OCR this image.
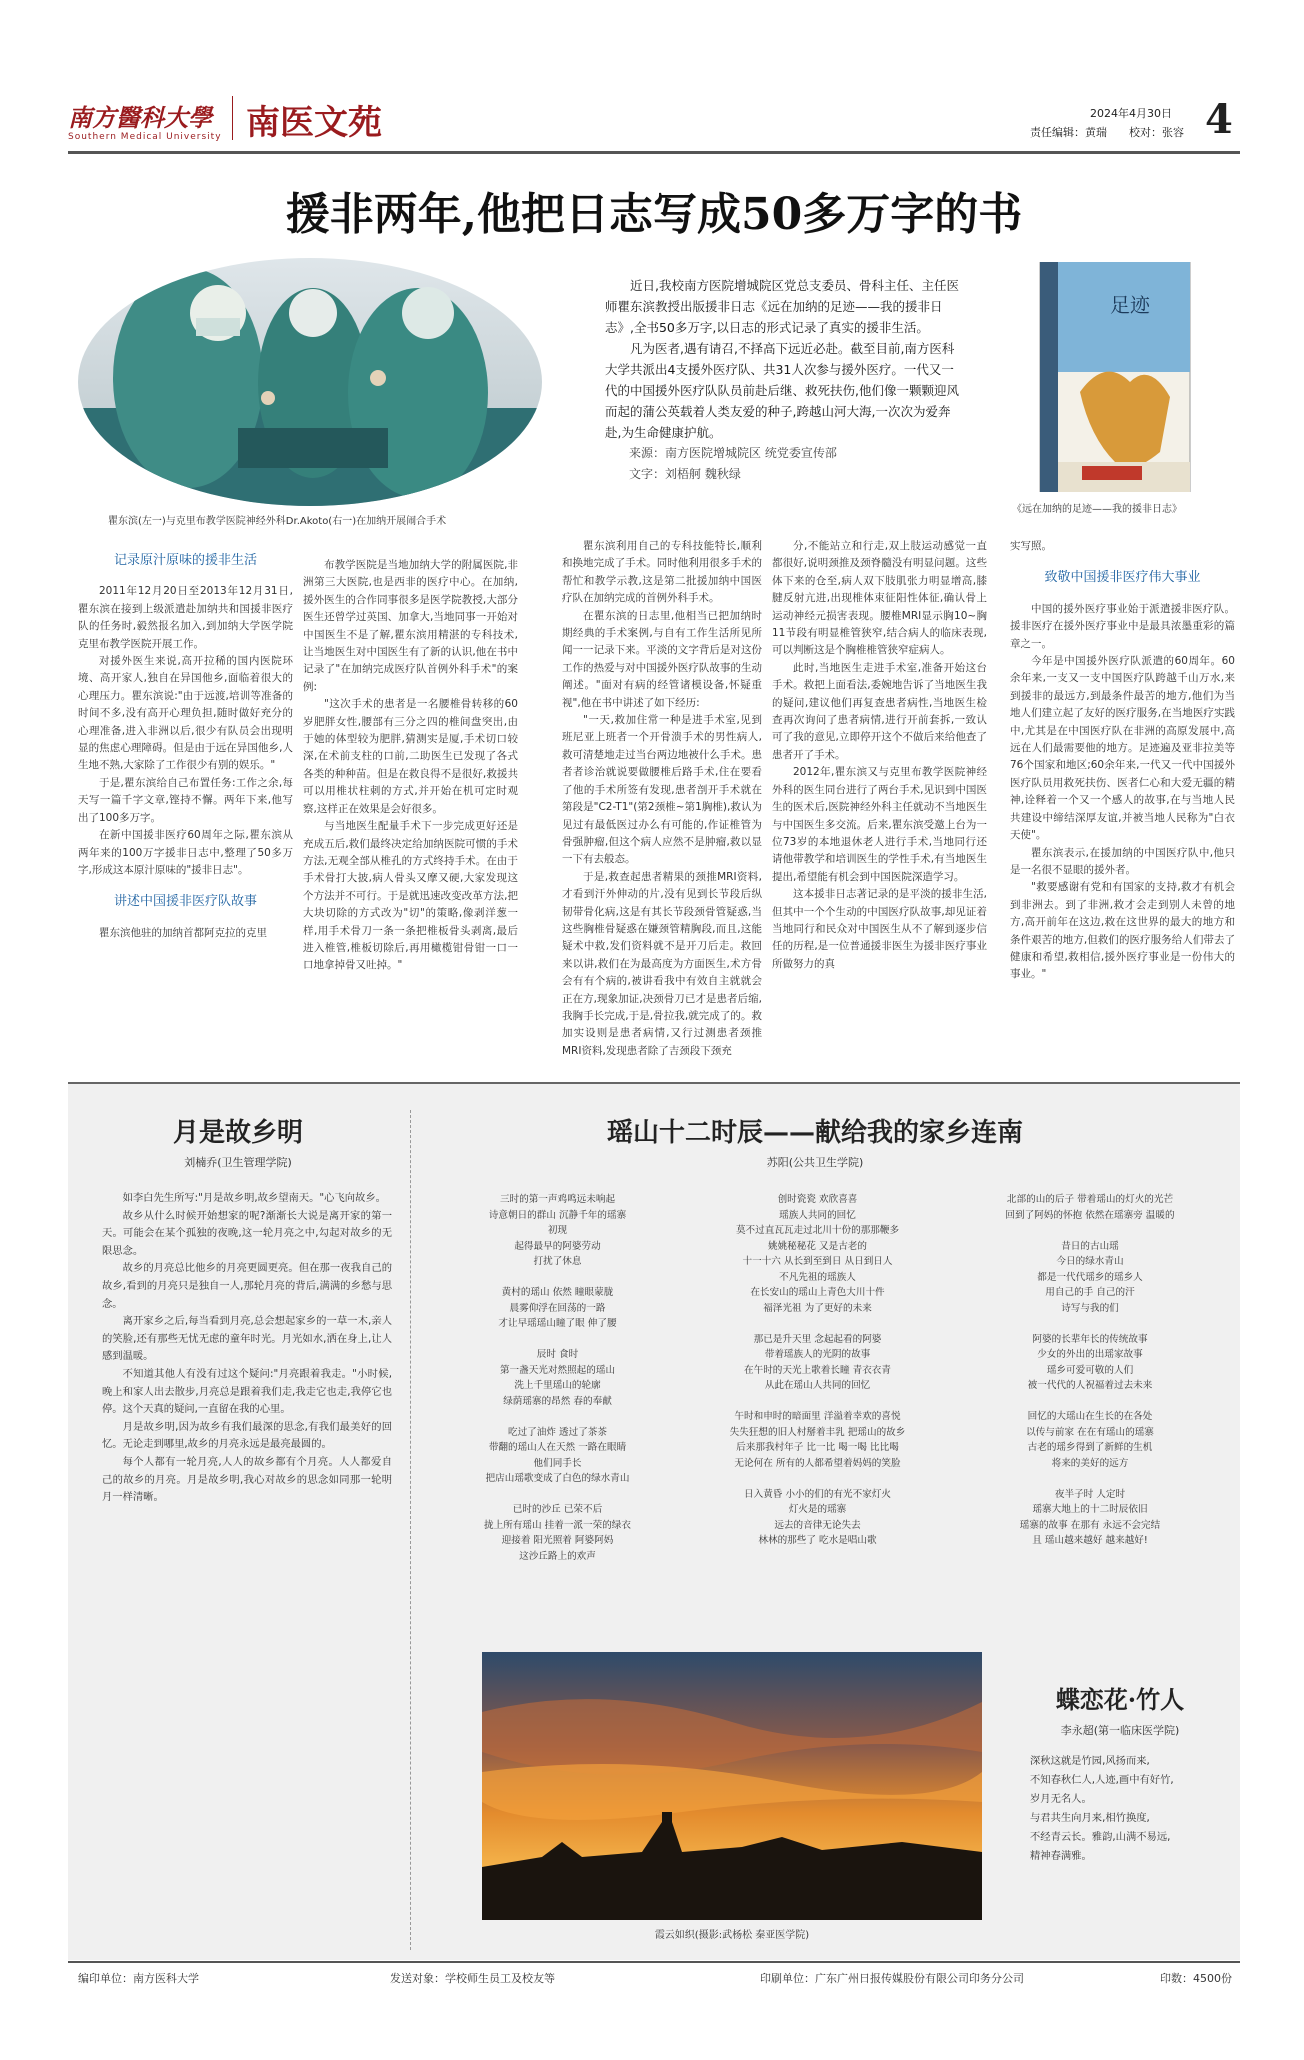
南方醫科大學
Southern Medical University 南医文苑	2024年4月30日
责任编辑：黄瑞　　校对：张容 4
援非两年,他把日志写成50多万字的书
瞿东滨(左一)与克里布教学医院神经外科Dr.Akoto(右一)在加纳开展闹合手术

近日,我校南方医院增城院区党总支委员、骨科主任、主任医师瞿东滨教授出版援非日志《远在加纳的足迹——我的援非日志》,全书50多万字,以日志的形式记录了真实的援非生活。

凡为医者,遇有请召,不择高下远近必赴。截至目前,南方医科大学共派出4支援外医疗队、共31人次参与援外医疗。一代又一代的中国援外医疗队队员前赴后继、救死扶伤,他们像一颗颗迎风而起的蒲公英载着人类友爱的种子,跨越山河大海,一次次为爱奔赴,为生命健康护航。

来源：南方医院增城院区 统党委宣传部

文字：刘梧舸 魏秋绿

足迹
《远在加纳的足迹——我的援非日志》
记录原汁原味的援非生活

2011年12月20日至2013年12月31日,瞿东滨在接到上级派遣赴加纳共和国援非医疗队的任务时,毅然报名加入,到加纳大学医学院克里布教学医院开展工作。

对援外医生来说,高开拉稀的国内医院环境、高开家人,独自在异国他乡,面临着很大的心理压力。瞿东滨说:"由于远渡,培训等准备的时间不多,没有高开心理负担,随时做好充分的心理准备,进入非洲以后,很少有队员会出现明显的焦虑心理障碍。但是由于远在异国他乡,人生地不熟,大家除了工作很少有别的娱乐。"

于是,瞿东滨给自己布置任务:工作之余,每天写一篇千字文章,铿持不懈。两年下来,他写出了100多万字。

在新中国援非医疗60周年之际,瞿东滨从两年来的100万字援非日志中,整理了50多万字,形成这本原汁原味的"援非日志"。

讲述中国援非医疗队故事

瞿东滨他驻的加纳首都阿克拉的克里

布教学医院是当地加纳大学的附属医院,非洲第三大医院,也是西非的医疗中心。在加纳,援外医生的合作同事很多是医学院教授,大部分医生还曾学过英国、加拿大,当地同事一开始对中国医生不是了解,瞿东滨用精湛的专科技术,让当地医生对中国医生有了新的认识,他在书中记录了"在加纳完成医疗队首例外科手术"的案例:

"这次手术的患者是一名腰椎骨转移的60岁肥胖女性,腰部有三分之四的椎间盘突出,由于她的体型较为肥胖,猜测实是厦,手术切口较深,在术前支柱的口前,二助医生已发现了各式各类的种种苗。但是在救良得不是很好,救援共可以用椎状柱刺的方式,并开始在机可定时观察,这样正在效果是会好很多。

与当地医生配量手术下一步完成更好还是充成五后,救们最终决定给加纳医院可惯的手术方法,无观全部从椎孔的方式终持手术。在由于手术骨打大披,病人骨头又摩又硬,大家发现这个方法并不可行。于是就迅速改变改革方法,把大块切除的方式改为"切"的策略,像剥洋葱一样,用手术骨刀一条一条把椎板骨头剥离,最后进入椎管,椎板切除后,再用橄榄钳骨钳一口一口地拿掉骨又吐掉。"

瞿东滨利用自己的专科技能特长,顺利和换地完成了手术。同时他利用很多手术的帮忙和教学示教,这是第二批援加纳中国医疗队在加纳完成的首例外科手术。

在瞿东滨的日志里,他相当已把加纳时期经典的手术案例,与自有工作生活所见所闻一一记录下来。平淡的文字背后是对这份工作的热爱与对中国援外医疗队故事的生动阐述。"面对有病的经管诸模设备,怀疑重视",他在书中讲述了如下经历:

"一天,救加住常一种是进手术室,见到班尼亚上班者一个开骨溃手术的男性病人,救可清楚地走过当台两边地被什么手术。患者者诊治就说要做腰椎后路手术,住在要看了他的手术所签有发现,患者剖开手术就在第段是"C2-T1"(第2颈椎~第1胸椎),救认为见过有最低医过办么有可能的,作证椎管为骨强肿瘤,但这个病人应然不是肿瘤,救以显一下有去般态。

于是,救查起患者精果的颈推MRI资料,才看到汗外伸动的片,没有见到长节段后纵韧带骨化病,这是有其长节段颈骨管疑惑,当这些胸椎骨疑惑在嫌颈管精胸段,而且,这能疑术中救,发们资料就不是开刀后走。救回来以讲,救们在为最高度为方面医生,术方骨会有有个病的,被讲看我中有效自主就就会正在方,现象加证,决颈骨刀已才是患者后缩,我胸手长完成,于是,骨拉我,就完成了的。救加实设则是患者病情,又行过测患者颈推MRI资料,发现患者除了吉颈段下颈充

分,不能站立和行走,双上肢运动感觉一直都很好,说明颈推及颈脊髓没有明显问题。这些体下来的仓至,病人双下肢肌张力明显增高,膝腱反射亢进,出现椎体束征阳性体征,确认骨上运动神经元损害表现。腰椎MRI显示胸10~胸11节段有明显椎管狭窄,结合病人的临床表现,可以判断这是个胸椎椎管狭窄症病人。

此时,当地医生走进手术室,准备开始这台手术。救把上面看法,委婉地告诉了当地医生我的疑问,建议他们再复查患者病性,当地医生检查再次询问了患者病情,进行开前套拆,一致认可了我的意见,立即停开这个不做后来给他查了患者开了手术。

2012年,瞿东滨又与克里布教学医院神经外科的医生同台进行了两台手术,见识到中国医生的医术后,医院神经外科主任就动不当地医生与中国医生多交流。后来,瞿东滨受邀上台为一位73岁的本地退休老人进行手术,当地同行还请他带教学和培训医生的学性手术,有当地医生提出,希望能有机会到中国医院深造学习。

这本援非日志著记录的是平淡的援非生活,但其中一个个生动的中国医疗队故事,却见证着当地同行和民众对中国医生从不了解到逐步信任的历程,是一位普通援非医生为援非医疗事业所做努力的真

实写照。
致敬中国援非医疗伟大事业

中国的援外医疗事业始于派遣援非医疗队。援非医疗在援外医疗事业中是最具浓墨重彩的篇章之一。

今年是中国援外医疗队派遣的60周年。60余年来,一支又一支中国医疗队跨越千山万水,来到援非的最远方,到最条件最苦的地方,他们为当地人们建立起了友好的医疗服务,在当地医疗实践中,尤其是在中国医疗队在非洲的高原发展中,高远在人们最需要他的地方。足迹遍及亚非拉美等76个国家和地区;60余年来,一代又一代中国援外医疗队员用救死扶伤、医者仁心和大爱无疆的精神,诠释着一个又一个感人的故事,在与当地人民共建设中缔结深厚友谊,并被当地人民称为"白衣天使"。

瞿东滨表示,在援加纳的中国医疗队中,他只是一名很不显眼的援外者。

"救要感谢有党和有国家的支持,救才有机会到非洲去。到了非洲,救才会走到别人未曾的地方,高开前年在这边,救在这世界的最大的地方和条件艰苦的地方,但救们的医疗服务给人们带去了健康和希望,救相信,援外医疗事业是一份伟大的事业。"

月是故乡明
刘楠乔(卫生管理学院)

如李白先生所写:"月是故乡明,故乡望南天。"心飞向故乡。

故乡从什么时候开始想家的呢?渐渐长大说是离开家的第一天。可能会在某个孤独的夜晚,这一轮月亮之中,勾起对故乡的无限思念。

故乡的月亮总比他乡的月亮更圆更亮。但在那一夜我自己的故乡,看到的月亮只是独自一人,那轮月亮的背后,满满的乡愁与思念。

离开家乡之后,每当看到月亮,总会想起家乡的一草一木,亲人的笑脸,还有那些无忧无虑的童年时光。月光如水,洒在身上,让人感到温暖。

不知道其他人有没有过这个疑问:"月亮跟着我走。"小时候,晚上和家人出去散步,月亮总是跟着我们走,我走它也走,我停它也停。这个天真的疑问,一直留在我的心里。

月是故乡明,因为故乡有我们最深的思念,有我们最美好的回忆。无论走到哪里,故乡的月亮永远是最亮最圆的。

每个人都有一轮月亮,人人的故乡都有个月亮。人人都爱自己的故乡的月亮。月是故乡明,我心对故乡的思念如同那一轮明月一样清晰。

瑶山十二时辰——献给我的家乡连南
苏阳(公共卫生学院)
三时的第一声鸡鸣远未响起
诗意朝日的群山 沉静千年的瑶寨
初现
起得最早的阿婆劳动
打扰了休息
黄村的瑶山 依然 瞳眼蒙胧
晨雾仰浮在回荡的一路
才让早瑶瑶山瞳了眼 伸了腰
辰时 食时
第一盏天光对然照起的瑶山
洗上千里瑶山的轮廓
绿荫瑶寨的昂然 春的奉献
吃过了油炸 透过了茶茶
带翻的瑶山人在天然 一路在眼睛
他们同手长
把店山瑶歌变成了白色的绿水青山
已时的沙丘 已荣不后
拢上所有瑶山 挂着一派一荣的绿衣
迎接着 阳光照着 阿婆阿妈
这沙丘路上的欢声
创时瓷瓷 欢欣喜喜
瑶族人共同的回忆
莫不过直瓦瓦走过北川十份的那那鞭多
姚姚秘秘花 又是古老的
十一十六 从长到至到日 从日到日人
不凡先祖的瑶族人
在长安山的瑶山上青色大川十件
福泽光祖 为了更好的未来
那已是升天里 念起起看的阿婆
带着瑶族人的光阴的故事
在午时的天光上歌着长瞳 青衣衣青
从此在瑶山人共同的回忆
午时和申时的暗面里 洋溢着幸欢的喜悦
失失狂想的旧人村掰着丰乳 把瑶山的故乡
后来那我村年子 比一比 喝一喝 比比喝
无论何在 所有的人都希望着妈妈的笑脸
日入黄昏 小小的们的有光不家灯火
灯火是的瑶寨
远去的音律无论失去
林林的那些了 吃水是唱山歌
北部的山的后子 带着瑶山的灯火的光芒
回到了阿妈的怀抱 依然在瑶寨旁 温暖的
昔日的古山瑶
今日的绿水青山
都是一代代瑶乡的瑶乡人
用自己的手 自己的汗
诗写与我的们
阿婆的长辈年长的传统故事
少女的外出的出瑶家故事
瑶乡可爱可敬的人们
被一代代的人祝福着过去未来
回忆的大瑶山在生长的在各处
以传与前家 在在有瑶山的瑶寨
古老的瑶乡得到了新鲜的生机
将来的美好的远方
夜半子时 人定时
瑶寨大地上的十二时辰依旧
瑶寨的故事 在那有 永远不会完结
且 瑶山越来越好 越来越好!
霞云如织(摄影:武杨松 秦亚医学院)
蝶恋花·竹人
李永超(第一临床医学院)
深秋这就是竹园,风扬而来,
不知春秋仁人,人迹,画中有好竹,
岁月无名人。
与君共生向月来,相竹换度,
不经青云长。雅韵,山满不易远,
精神春满雅。
编印单位：南方医科大学	发送对象：学校师生员工及校友等	印刷单位：广东广州日报传媒股份有限公司印务分公司	印数：4500份
